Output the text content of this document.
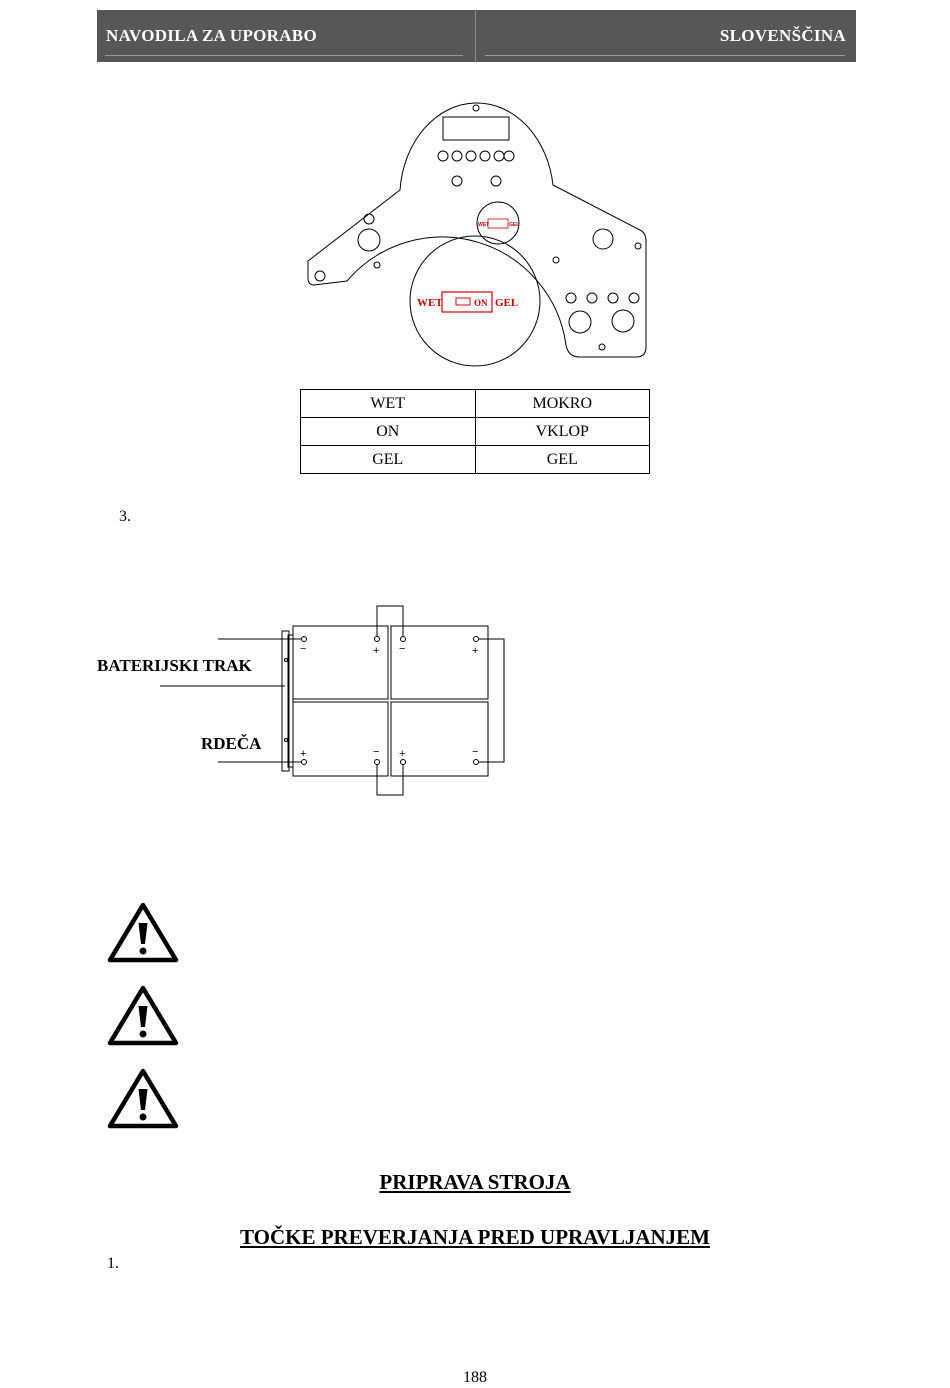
NAVODILA ZA UPORABO	SLOVENŠČINA
WET	GEL
WET	ON GEL
WET	MOKRO
ON	VKLOP
GEL	GEL
3.
−	+ −	+
+	− +	−
BATERIJSKI TRAK
RDEČA
PRIPRAVA STROJA
TOČKE PREVERJANJA PRED UPRAVLJANJEM
1.
188
